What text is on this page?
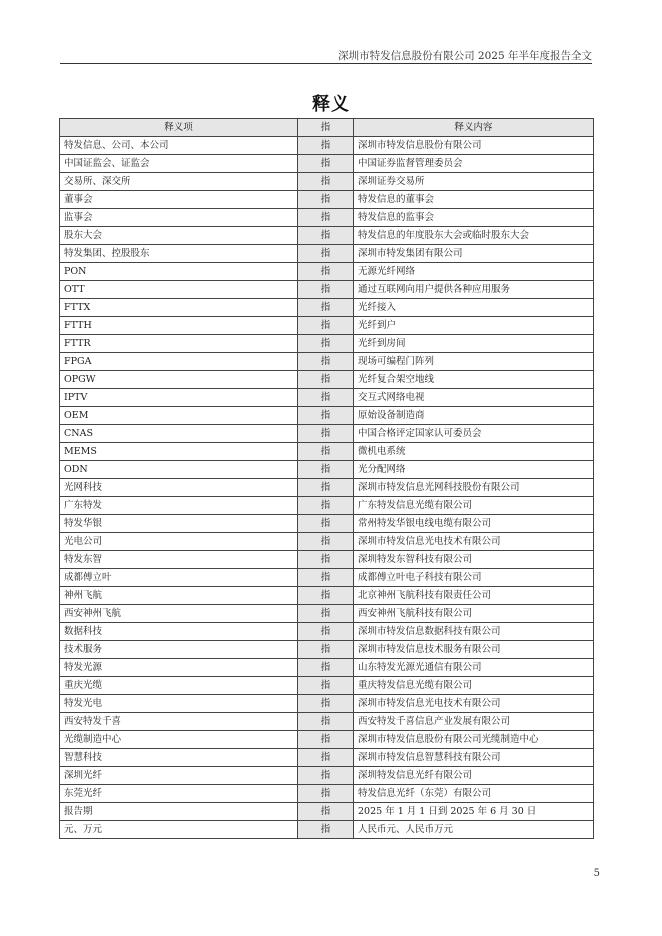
深圳市特发信息股份有限公司 2025 年半年度报告全文
释义
释义项	指	释义内容
特发信息、公司、本公司	指	深圳市特发信息股份有限公司
中国证监会、证监会	指	中国证券监督管理委员会
交易所、深交所	指	深圳证券交易所
董事会	指	特发信息的董事会
监事会	指	特发信息的监事会
股东大会	指	特发信息的年度股东大会或临时股东大会
特发集团、控股股东	指	深圳市特发集团有限公司
PON	指	无源光纤网络
OTT	指	通过互联网向用户提供各种应用服务
FTTX	指	光纤接入
FTTH	指	光纤到户
FTTR	指	光纤到房间
FPGA	指	现场可编程门阵列
OPGW	指	光纤复合架空地线
IPTV	指	交互式网络电视
OEM	指	原始设备制造商
CNAS	指	中国合格评定国家认可委员会
MEMS	指	微机电系统
ODN	指	光分配网络
光网科技	指	深圳市特发信息光网科技股份有限公司
广东特发	指	广东特发信息光缆有限公司
特发华银	指	常州特发华银电线电缆有限公司
光电公司	指	深圳市特发信息光电技术有限公司
特发东智	指	深圳特发东智科技有限公司
成都傅立叶	指	成都傅立叶电子科技有限公司
神州飞航	指	北京神州飞航科技有限责任公司
西安神州飞航	指	西安神州飞航科技有限公司
数据科技	指	深圳市特发信息数据科技有限公司
技术服务	指	深圳市特发信息技术服务有限公司
特发光源	指	山东特发光源光通信有限公司
重庆光缆	指	重庆特发信息光缆有限公司
特发光电	指	深圳市特发信息光电技术有限公司
西安特发千喜	指	西安特发千喜信息产业发展有限公司
光缆制造中心	指	深圳市特发信息股份有限公司光缆制造中心
智慧科技	指	深圳市特发信息智慧科技有限公司
深圳光纤	指	深圳特发信息光纤有限公司
东莞光纤	指	特发信息光纤（东莞）有限公司
报告期	指	2025 年 1 月 1 日到 2025 年 6 月 30 日
元、万元	指	人民币元、人民币万元
5
